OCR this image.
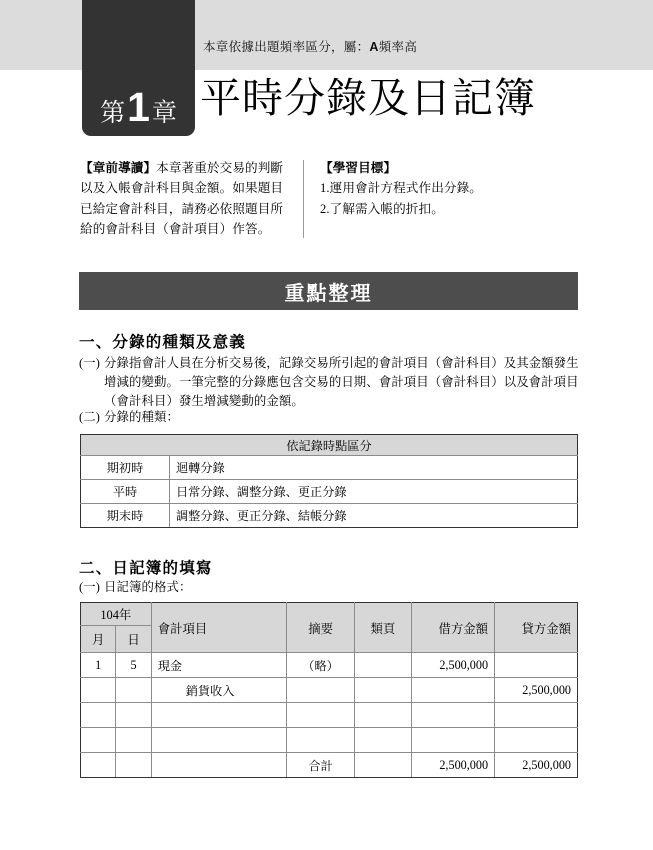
本章依據出題頻率區分，屬：A頻率高
第 1 章 平時分錄及日記簿
【章前導讀】本章著重於交易的判斷以及入帳會計科目與金額。如果題目已給定會計科目，請務必依照題目所給的會計科目（會計項目）作答。
【學習目標】
1.運用會計方程式作出分錄。
2.了解需入帳的折扣。
重點整理
一、分錄的種類及意義
(一) 分錄指會計人員在分析交易後，記錄交易所引起的會計項目（會計科目）及其金額發生增減的變動。一筆完整的分錄應包含交易的日期、會計項目（會計科目）以及會計項目（會計科目）發生增減變動的金額。
(二) 分錄的種類：
依記錄時點區分	
期初時	迴轉分錄
平時	日常分錄、調整分錄、更正分錄
期末時	調整分錄、更正分錄、結帳分錄
二、日記簿的填寫
(一) 日記簿的格式：
104年		會計項目	摘要	類頁	借方金額	貸方金額
月	日					
1	5	現金	（略）		2,500,000	
		銷貨收入				2,500,000

			合計		2,500,000	2,500,000
